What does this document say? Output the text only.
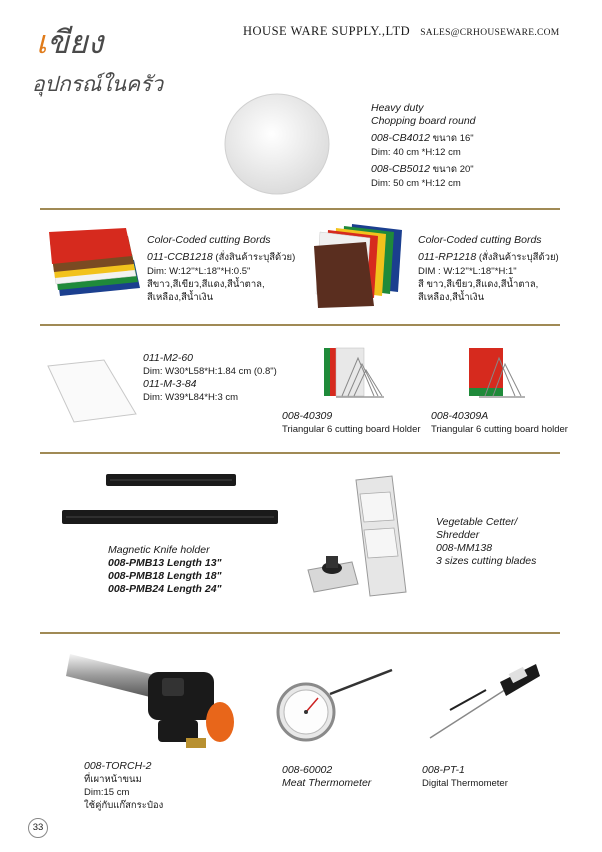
HOUSE WARE SUPPLY.,LTD SALES@CRHOUSEWARE.COM
เขียง
อุปกรณ์ในครัว
Heavy duty
Chopping board round
008-CB4012 ขนาด 16"
Dim: 40 cm *H:12 cm
008-CB5012 ขนาด 20"
Dim: 50 cm *H:12 cm
Color-Coded cutting Bords
011-CCB1218 (สั่งสินค้าระบุสีด้วย)
Dim: W:12''*L:18''*H:0.5"
สีขาว,สีเขียว,สีแดง,สีน้ำตาล,
สีเหลือง,สีน้ำเงิน
Color-Coded cutting Bords
011-RP1218 (สั่งสินค้าระบุสีด้วย)
DIM : W:12''*L:18''*H:1"
สี ขาว,สีเขียว,สีแดง,สีน้ำตาล,
สีเหลือง,สีน้ำเงิน
011-M2-60
Dim: W30*L58*H:1.84 cm (0.8")
011-M-3-84
Dim: W39*L84*H:3 cm
008-40309
Triangular 6 cutting board Holder
008-40309A
Triangular 6 cutting board holder
Magnetic Knife holder
008-PMB13 Length 13"
008-PMB18 Length 18"
008-PMB24 Length 24"
Vegetable Cetter/
Shredder
008-MM138
3 sizes cutting blades
008-TORCH-2
ที่เผาหน้าขนม
Dim:15 cm
ใช้คู่กับแก๊สกระป๋อง
008-60002
Meat Thermometer
008-PT-1
Digital Thermometer
33
